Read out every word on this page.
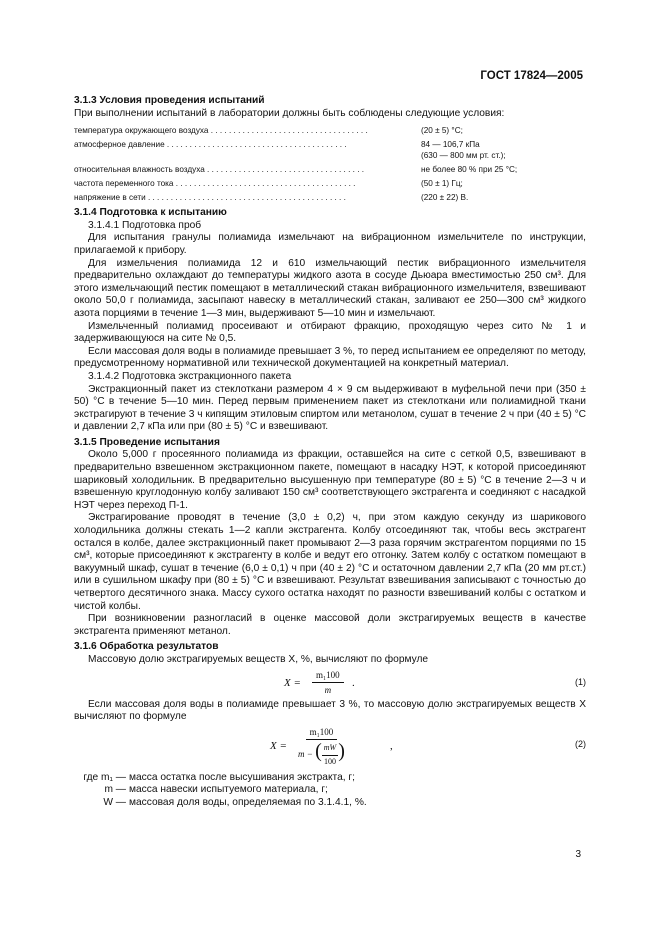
ГОСТ 17824—2005
3.1.3 Условия проведения испытаний

При выполнении испытаний в лаборатории должны быть соблюдены следующие условия:

температура окружающего воздуха . . . . . . . . . . . . . . . . . . . . . . . . . . . . . . . . . . .	(20 ± 5) °С;
атмосферное давление . . . . . . . . . . . . . . . . . . . . . . . . . . . . . . . . . . . . . . . .	84 — 106,7 кПа
(630 — 800 мм рт. ст.);
относительная влажность воздуха . . . . . . . . . . . . . . . . . . . . . . . . . . . . . . . . . . .	не более 80 % при 25 °С;
частота переменного тока . . . . . . . . . . . . . . . . . . . . . . . . . . . . . . . . . . . . . . . .	(50 ± 1) Гц;
напряжение в сети . . . . . . . . . . . . . . . . . . . . . . . . . . . . . . . . . . . . . . . . . . . .	(220 ± 22) В.
3.1.4 Подготовка к испытанию

3.1.4.1 Подготовка проб

Для испытания гранулы полиамида измельчают на вибрационном измельчителе по инструкции, прилагаемой к прибору.

Для измельчения полиамида 12 и 610 измельчающий пестик вибрационного измельчителя предварительно охлаждают до температуры жидкого азота в сосуде Дьюара вместимостью 250 см³. Для этого измельчающий пестик помещают в металлический стакан вибрационного измельчителя, взвешивают около 50,0 г полиамида, засыпают навеску в металлический стакан, заливают ее 250—300 см³ жидкого азота порциями в течение 1—3 мин, выдерживают 5—10 мин и измельчают.

Измельченный полиамид просеивают и отбирают фракцию, проходящую через сито № 1 и задерживающуюся на сите № 0,5.

Если массовая доля воды в полиамиде превышает 3 %, то перед испытанием ее определяют по методу, предусмотренному нормативной или технической документацией на конкретный материал.

3.1.4.2 Подготовка экстракционного пакета

Экстракционный пакет из стеклоткани размером 4 × 9 см выдерживают в муфельной печи при (350 ± 50) °С в течение 5—10 мин. Перед первым применением пакет из стеклоткани или полиамидной ткани экстрагируют в течение 3 ч кипящим этиловым спиртом или метанолом, сушат в течение 2 ч при (40 ± 5) °С и давлении 2,7 кПа или при (80 ± 5) °С и взвешивают.

3.1.5 Проведение испытания

Около 5,000 г просеянного полиамида из фракции, оставшейся на сите с сеткой 0,5, взвешивают в предварительно взвешенном экстракционном пакете, помещают в насадку НЭТ, к которой присоединяют шариковый холодильник. В предварительно высушенную при температуре (80 ± 5) °С в течение 2—3 ч и взвешенную круглодонную колбу заливают 150 см³ соответствующего экстрагента и соединяют с насадкой НЭТ через переход П-1.

Экстрагирование проводят в течение (3,0 ± 0,2) ч, при этом каждую секунду из шарикового холодильника должны стекать 1—2 капли экстрагента. Колбу отсоединяют так, чтобы весь экстрагент остался в колбе, далее экстракционный пакет промывают 2—3 раза горячим экстрагентом порциями по 15 см³, которые присоединяют к экстрагенту в колбе и ведут его отгонку. Затем колбу с остатком помещают в вакуумный шкаф, сушат в течение (6,0 ± 0,1) ч при (40 ± 2) °С и остаточном давлении 2,7 кПа (20 мм рт.ст.) или в сушильном шкафу при (80 ± 5) °С и взвешивают. Результат взвешивания записывают с точностью до четвертого десятичного знака. Массу сухого остатка находят по разности взвешиваний колбы с остатком и чистой колбы.

При возникновении разногласий в оценке массовой доли экстрагируемых веществ в качестве экстрагента применяют метанол.

3.1.6 Обработка результатов

Массовую долю экстрагируемых веществ X, %, вычисляют по формуле

$X = \frac{\text{m₁100}}{m}$ .	(1)

Если массовая доля воды в полиамиде превышает 3 %, то массовую долю экстрагируемых веществ X вычисляют по формуле

$X = \frac{\text{m₁100}}{m - ( \frac{mW}{100} )}$	,	(2)
где m₁ — масса остатка после высушивания экстракта, г;
m — масса навески испытуемого материала, г;
W — массовая доля воды, определяемая по 3.1.4.1, %.
3
